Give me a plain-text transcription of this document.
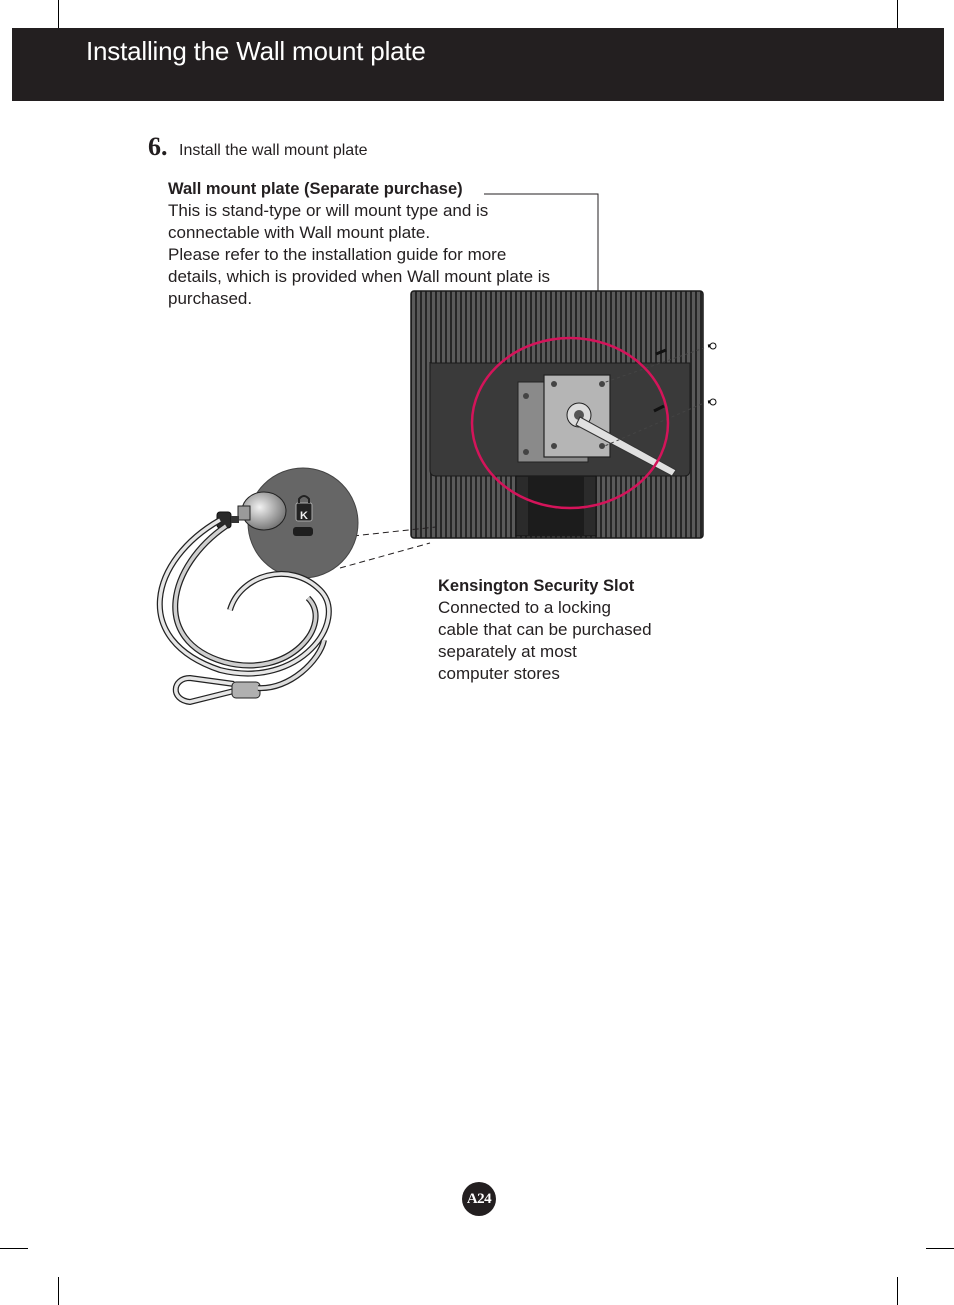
Installing the Wall mount plate
6. Install the wall mount plate
K
Wall mount plate (Separate purchase)
This is stand-type or will mount type and is
connectable with Wall mount plate.
Please refer to the installation guide for more
details, which is provided when Wall mount plate is
purchased.
Kensington Security Slot
Connected to a locking
cable that can be purchased
separately at most
computer stores
A24
